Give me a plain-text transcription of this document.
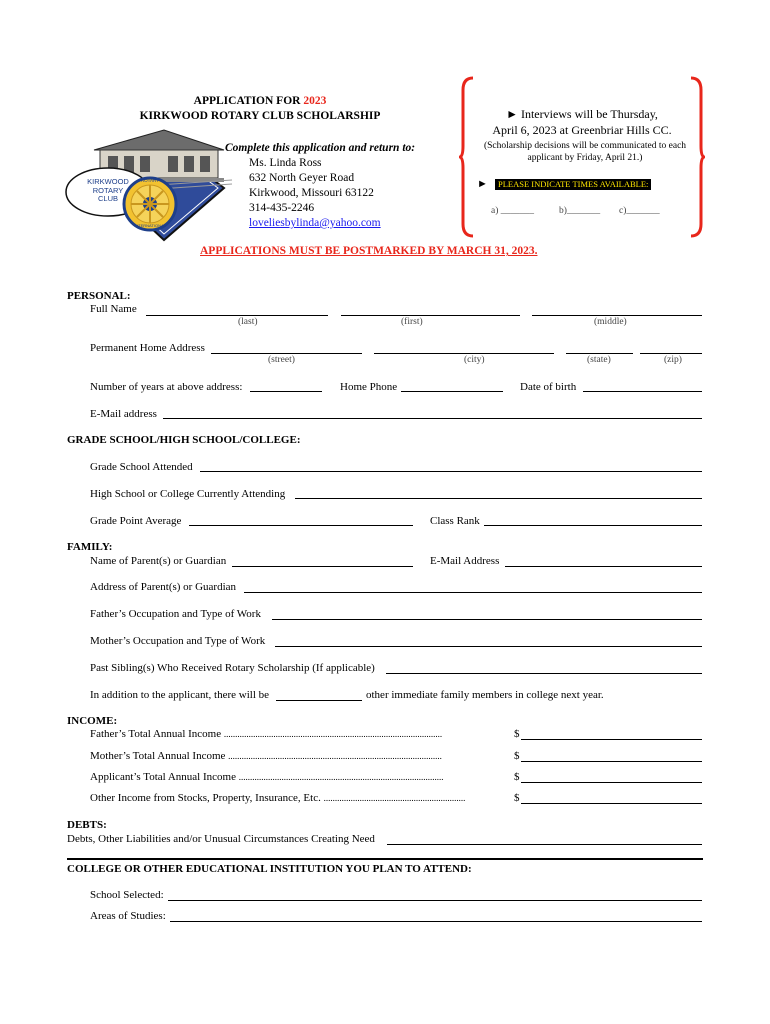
APPLICATION FOR 2023
KIRKWOOD ROTARY CLUB SCHOLARSHIP
KIRKWOOD
ROTARY
CLUB
ROTARY
INTERNATIONAL
Complete this application and return to:
Ms. Linda Ross
632 North Geyer Road
Kirkwood, Missouri 63122
314-435-2246
loveliesbylinda@yahoo.com
► Interviews will be Thursday,
April 6, 2023 at Greenbriar Hills CC.
(Scholarship decisions will be communicated to each
applicant by Friday, April 21.)
►	PLEASE INDICATE TIMES AVAILABLE:
a) _______	b)_______ c)_______
APPLICATIONS MUST BE POSTMARKED BY MARCH 31, 2023.
PERSONAL:
Full Name
(last)	(first)	(middle)
Permanent Home Address
(street)	(city)	(state)	(zip)
Number of years at above address:	Home Phone	Date of birth
E-Mail address
GRADE SCHOOL/HIGH SCHOOL/COLLEGE:
Grade School Attended
High School or College Currently Attending
Grade Point Average	Class Rank
FAMILY:
Name of Parent(s) or Guardian	E-Mail Address
Address of Parent(s) or Guardian
Father’s Occupation and Type of Work
Mother’s Occupation and Type of Work
Past Sibling(s) Who Received Rotary Scholarship (If applicable)
In addition to the applicant, there will be	other immediate family members in college next year.
INCOME:
Father’s Total Annual Income .................................................................................................	$
Mother’s Total Annual Income ...............................................................................................	$
Applicant’s Total Annual Income ...........................................................................................	$
Other Income from Stocks, Property, Insurance, Etc. ...............................................................	$
DEBTS:
Debts, Other Liabilities and/or Unusual Circumstances Creating Need
COLLEGE OR OTHER EDUCATIONAL INSTITUTION YOU PLAN TO ATTEND:
School Selected:
Areas of Studies:
